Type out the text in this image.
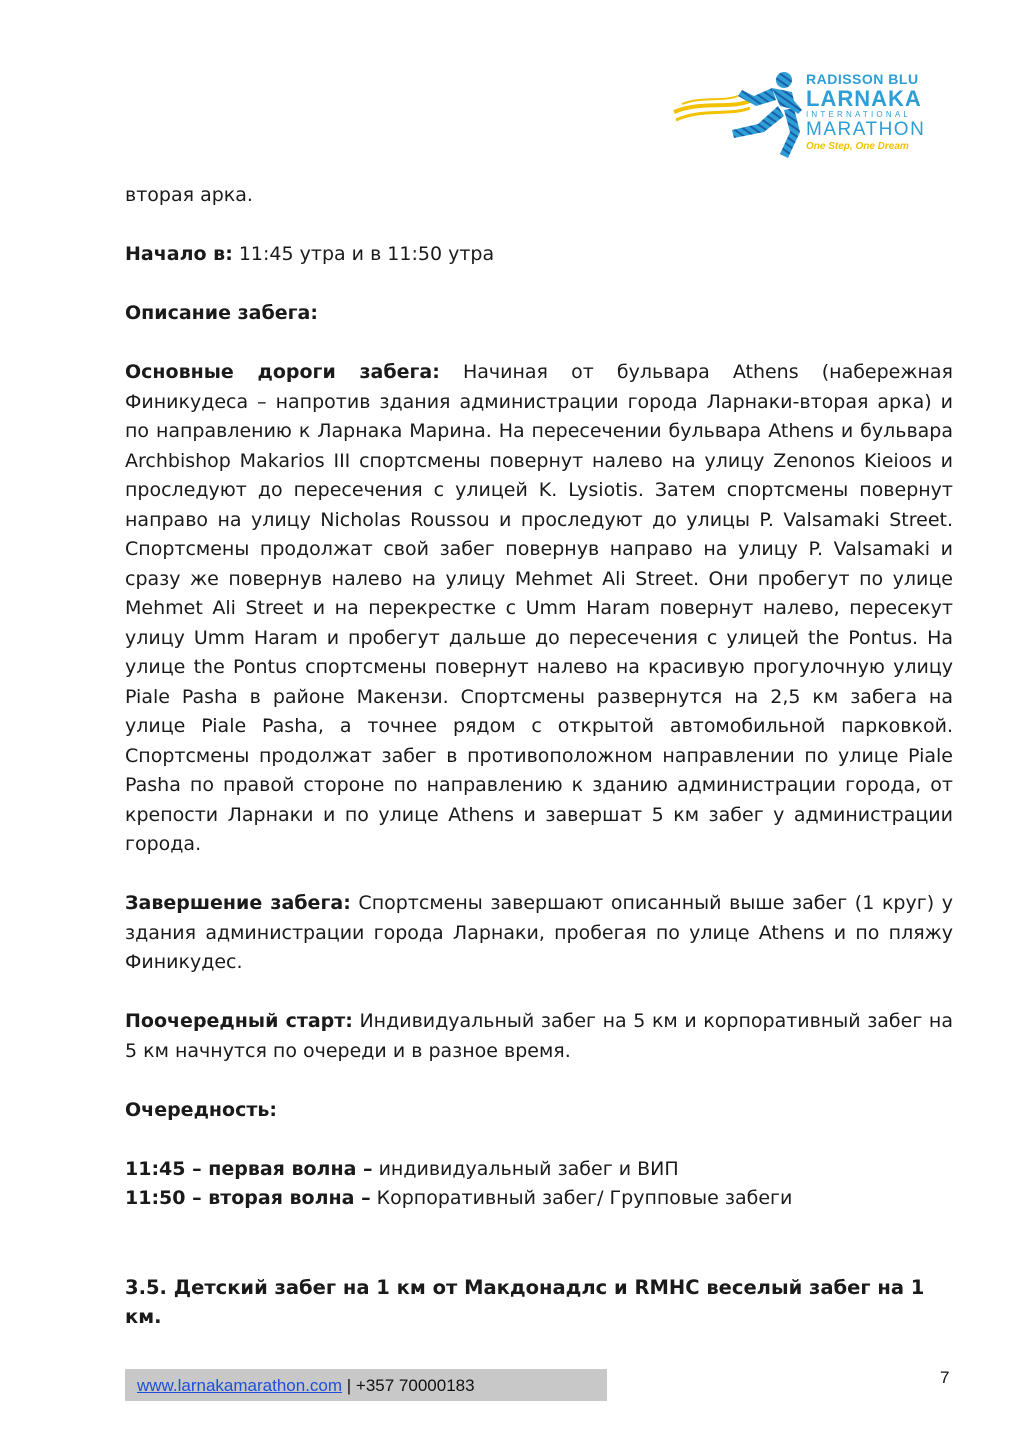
RADISSON BLU
LARNAKA
INTERNATIONAL
MARATHON
One Step, One Dream

вторая арка.

Начало в: 11:45 утра и в 11:50 утра

Описание забега:

Основные дороги забега: Начиная от бульвара Athens (набережная Финикудеса – напротив здания администрации города Ларнаки-вторая арка) и по направлению к Ларнака Марина. На пересечении бульвара Athens и бульвара Archbishop Makarios III спортсмены повернут налево на улицу Zenonos Kieioos и проследуют до пересечения с улицей K. Lysiotis. Затем спортсмены повернут направо на улицу Nicholas Roussou и проследуют до улицы P. Valsamaki Street. Спортсмены продолжат свой забег повернув направо на улицу P. Valsamaki и сразу же повернув налево на улицу Mehmet Ali Street. Они пробегут по улице Mehmet Ali Street и на перекрестке с Umm Haram повернут налево, пересекут улицу Umm Haram и пробегут дальше до пересечения с улицей the Pontus. На улице the Pontus спортсмены повернут налево на красивую прогулочную улицу Piale Pasha в районе Макензи. Спортсмены развернутся на 2,5 км забега на улице Piale Pasha, а точнее рядом с открытой автомобильной парковкой. Спортсмены продолжат забег в противоположном направлении по улице Piale Pasha по правой стороне по направлению к зданию администрации города, от крепости Ларнаки и по улице Athens и завершат 5 км забег у администрации города.

Завершение забега: Спортсмены завершают описанный выше забег (1 круг) у здания администрации города Ларнаки, пробегая по улице Athens и по пляжу Финикудес.

Поочередный старт: Индивидуальный забег на 5 км и корпоративный забег на 5 км начнутся по очереди и в разное время.

Очередность:

11:45 – первая волна – индивидуальный забег и ВИП
11:50 – вторая волна – Корпоративный забег/ Групповые забеги

3.5. Детский забег на 1 км от Макдонадлс и RMHC веселый забег на 1 км.

www.larnakamarathon.com | +357 70000183	7
